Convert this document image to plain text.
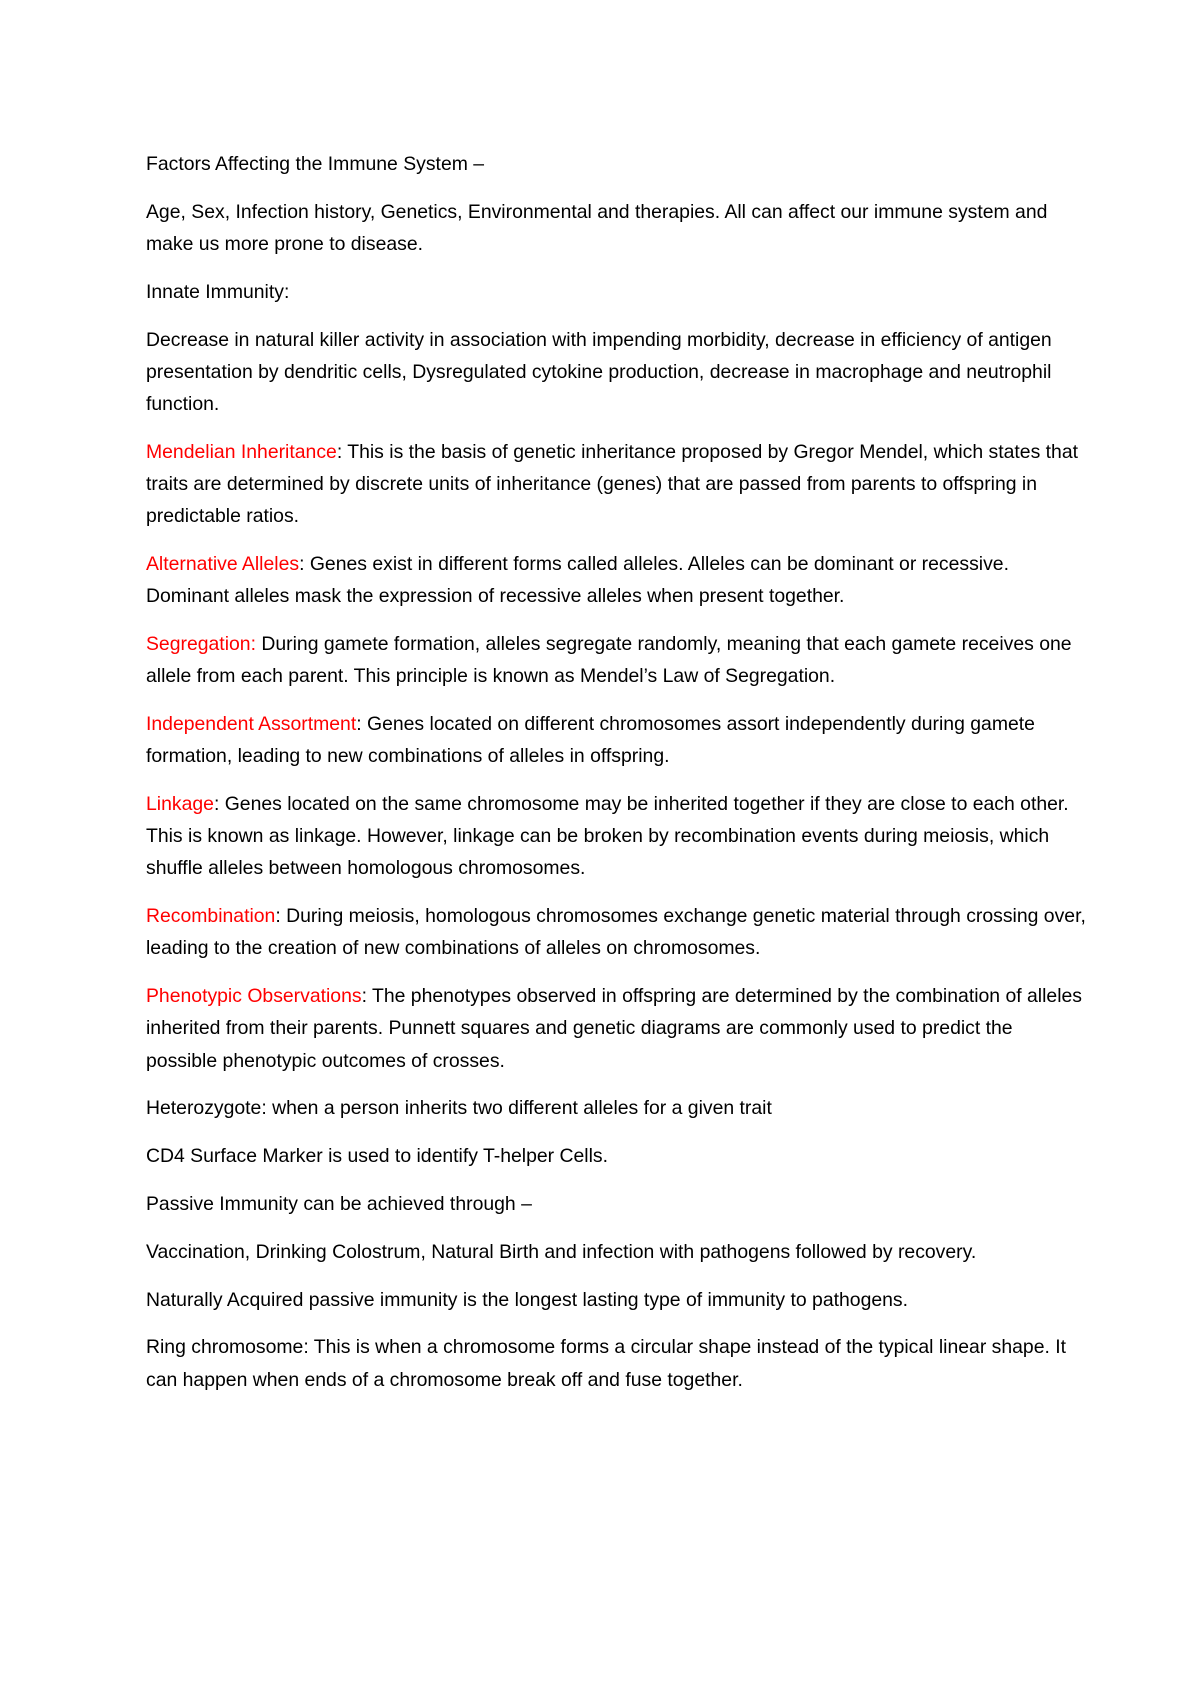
Factors Affecting the Immune System –

Age, Sex, Infection history, Genetics, Environmental and therapies. All can affect our immune system and make us more prone to disease.

Innate Immunity:

Decrease in natural killer activity in association with impending morbidity, decrease in efficiency of antigen presentation by dendritic cells, Dysregulated cytokine production, decrease in macrophage and neutrophil function.

Mendelian Inheritance: This is the basis of genetic inheritance proposed by Gregor Mendel, which states that traits are determined by discrete units of inheritance (genes) that are passed from parents to offspring in predictable ratios.

Alternative Alleles: Genes exist in different forms called alleles. Alleles can be dominant or recessive. Dominant alleles mask the expression of recessive alleles when present together.

Segregation: During gamete formation, alleles segregate randomly, meaning that each gamete receives one allele from each parent. This principle is known as Mendel’s Law of Segregation.

Independent Assortment: Genes located on different chromosomes assort independently during gamete formation, leading to new combinations of alleles in offspring.

Linkage: Genes located on the same chromosome may be inherited together if they are close to each other. This is known as linkage. However, linkage can be broken by recombination events during meiosis, which shuffle alleles between homologous chromosomes.

Recombination: During meiosis, homologous chromosomes exchange genetic material through crossing over, leading to the creation of new combinations of alleles on chromosomes.

Phenotypic Observations: The phenotypes observed in offspring are determined by the combination of alleles inherited from their parents. Punnett squares and genetic diagrams are commonly used to predict the possible phenotypic outcomes of crosses.

Heterozygote: when a person inherits two different alleles for a given trait

CD4 Surface Marker is used to identify T-helper Cells.

Passive Immunity can be achieved through –

Vaccination, Drinking Colostrum, Natural Birth and infection with pathogens followed by recovery.

Naturally Acquired passive immunity is the longest lasting type of immunity to pathogens.

Ring chromosome: This is when a chromosome forms a circular shape instead of the typical linear shape. It can happen when ends of a chromosome break off and fuse together.
